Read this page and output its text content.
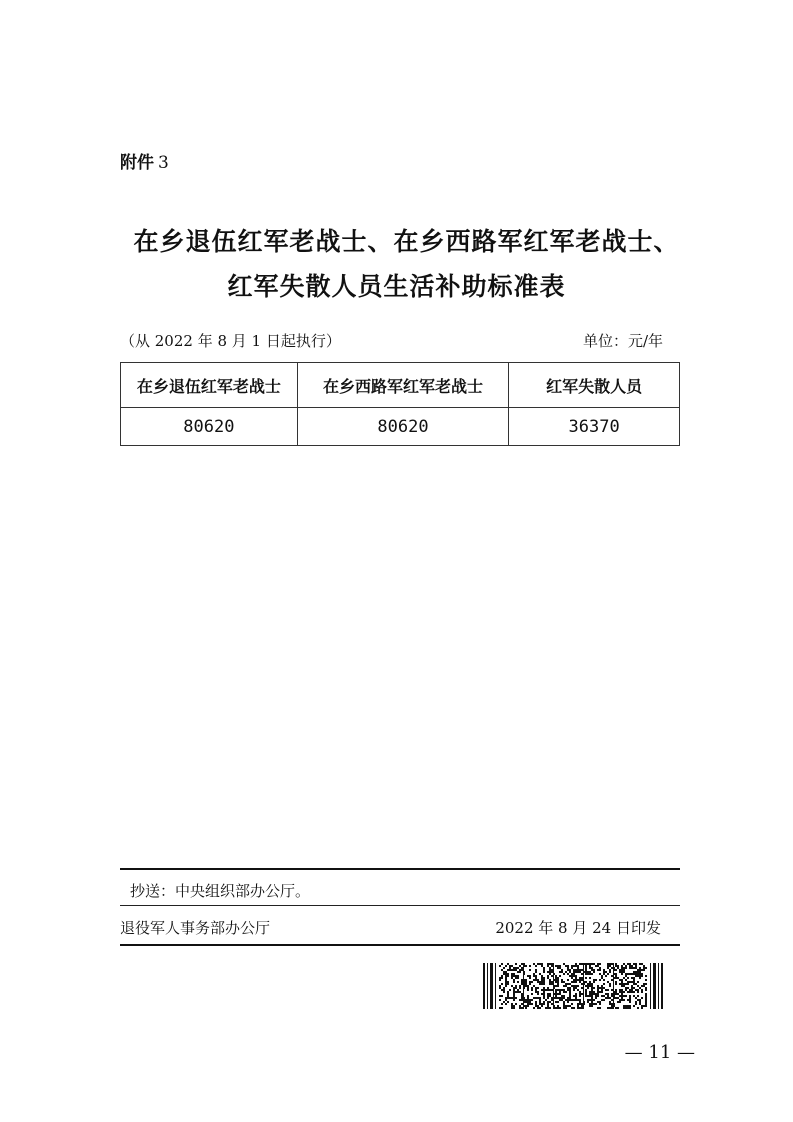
附件 3
在乡退伍红军老战士、在乡西路军红军老战士、
红军失散人员生活补助标准表
（从 2022 年 8 月 1 日起执行）	单位：元/年
在乡退伍红军老战士	在乡西路军红军老战士	红军失散人员
80620	80620	36370
抄送：中央组织部办公厅。
退役军人事务部办公厅	2022 年 8 月 24 日印发
— 11 —
